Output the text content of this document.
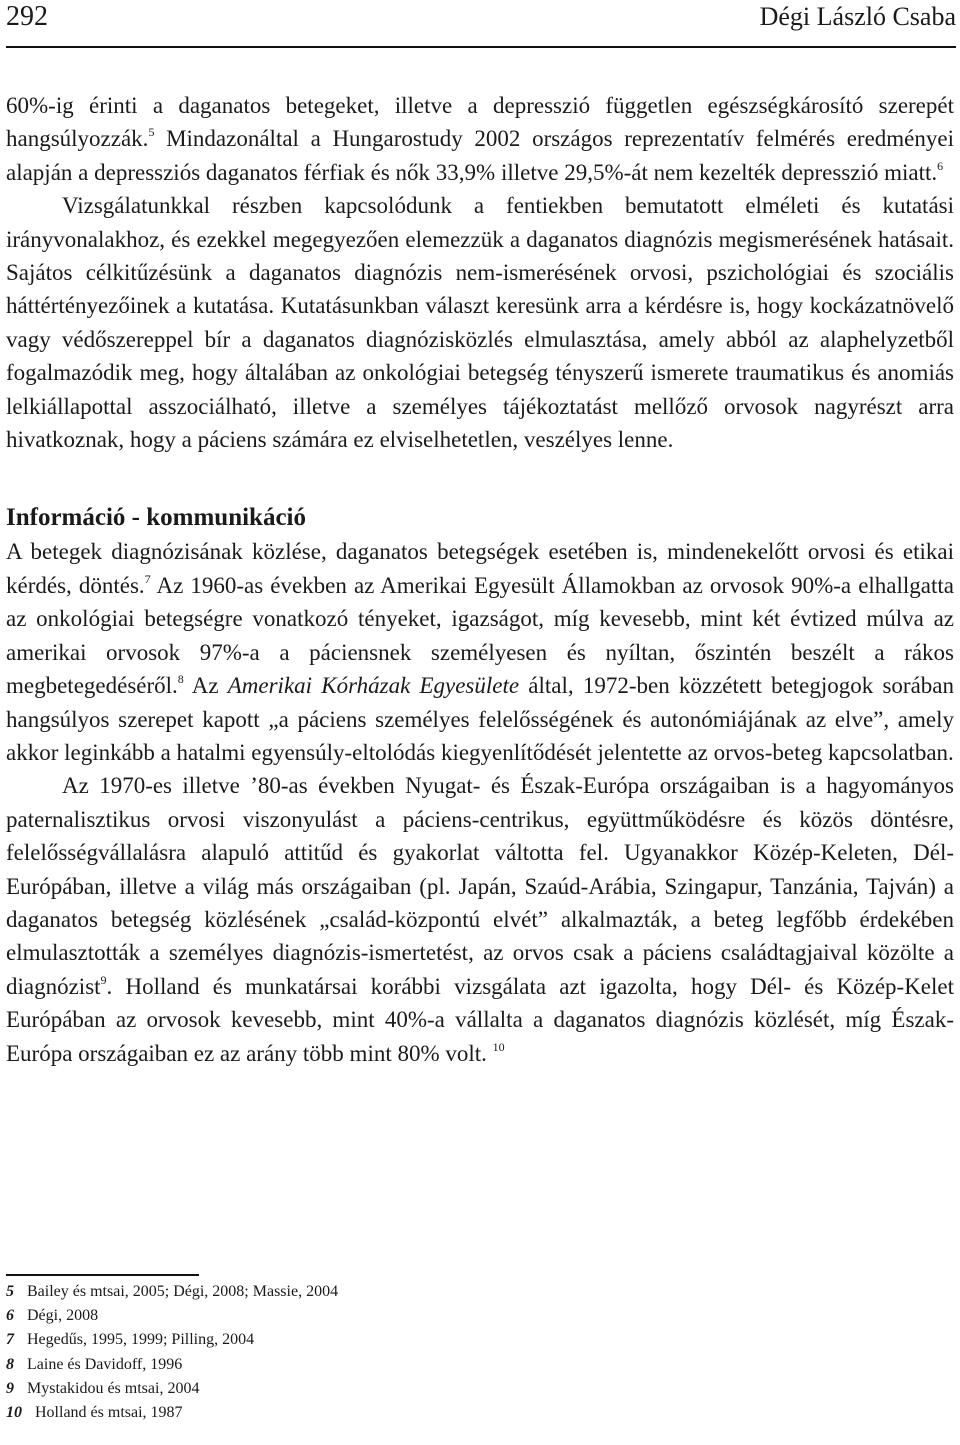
292	Dégi László Csaba

60%-ig érinti a daganatos betegeket, illetve a depresszió független egészségkárosító szerepét hangsúlyozzák.$^5$ Mindazonáltal a Hungarostudy 2002 országos reprezentatív felmérés eredményei alapján a depressziós daganatos férfiak és nők 33,9% illetve 29,5%-át nem kezelték depresszió miatt.$^6$

Vizsgálatunkkal részben kapcsolódunk a fentiekben bemutatott elméleti és kutatási irányvonalakhoz, és ezekkel megegyezően elemezzük a daganatos diagnózis megismerésének hatásait. Sajátos célkitűzésünk a daganatos diagnózis nem-ismerésének orvosi, pszichológiai és szociális háttértényezőinek a kutatása. Kutatásunkban választ keresünk arra a kérdésre is, hogy kockázatnövelő vagy védőszereppel bír a daganatos diagnózisközlés elmulasztása, amely abból az alaphelyzetből fogalmazódik meg, hogy általában az onkológiai betegség tényszerű ismerete traumatikus és anomiás lelkiállapottal asszociálható, illetve a személyes tájékoztatást mellőző orvosok nagyrészt arra hivatkoznak, hogy a páciens számára ez elviselhetetlen, veszélyes lenne.

Információ - kommunikáció

A betegek diagnózisának közlése, daganatos betegségek esetében is, mindenekelőtt orvosi és etikai kérdés, döntés.$^7$ Az 1960-as években az Amerikai Egyesült Államokban az orvosok 90%-a elhallgatta az onkológiai betegségre vonatkozó tényeket, igazságot, míg kevesebb, mint két évtized múlva az amerikai orvosok 97%-a a páciensnek személyesen és nyíltan, őszintén beszélt a rákos megbetegedéséről.$^8$ Az Amerikai Kórházak Egyesülete által, 1972-ben közzétett betegjogok sorában hangsúlyos szerepet kapott „a páciens személyes felelősségének és autonómiájának az elve”, amely akkor leginkább a hatalmi egyensúly-eltolódás kiegyenlítődését jelentette az orvos-beteg kapcsolatban.

Az 1970-es illetve ’80-as években Nyugat- és Észak-Európa országaiban is a hagyományos paternalisztikus orvosi viszonyulást a páciens-centrikus, együttműködésre és közös döntésre, felelősségvállalásra alapuló attitűd és gyakorlat váltotta fel. Ugyanakkor Közép-Keleten, Dél-Európában, illetve a világ más országaiban (pl. Japán, Szaúd-Arábia, Szingapur, Tanzánia, Tajván) a daganatos betegség közlésének „család-központú elvét” alkalmazták, a beteg legfőbb érdekében elmulasztották a személyes diagnózis-ismertetést, az orvos csak a páciens családtagjaival közölte a diagnózist$^9$. Holland és munkatársai korábbi vizsgálata azt igazolta, hogy Dél- és Közép-Kelet Európában az orvosok kevesebb, mint 40%-a vállalta a daganatos diagnózis közlését, míg Észak-Európa országaiban ez az arány több mint 80% volt. $^{10}$

5 Bailey és mtsai, 2005; Dégi, 2008; Massie, 2004
6 Dégi, 2008
7 Hegedűs, 1995, 1999; Pilling, 2004
8 Laine és Davidoff, 1996
9 Mystakidou és mtsai, 2004
10 Holland és mtsai, 1987
